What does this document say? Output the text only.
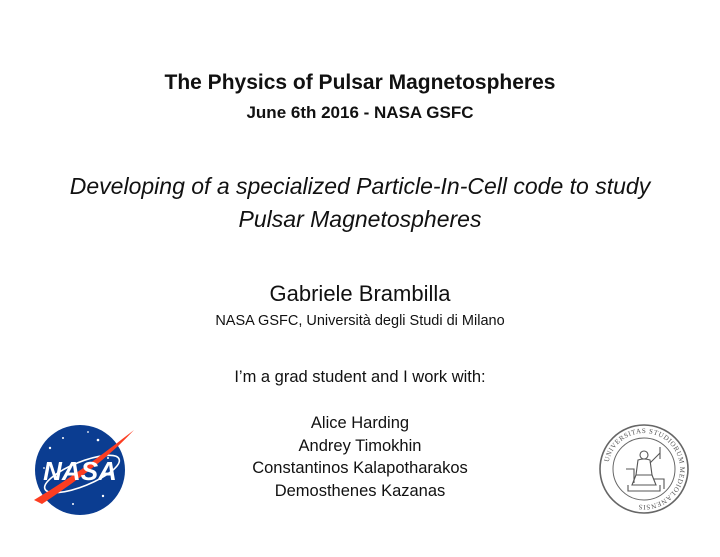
The Physics of Pulsar Magnetospheres
June 6th 2016 - NASA GSFC
Developing of a specialized Particle-In-Cell code to study
Pulsar Magnetospheres
Gabriele Brambilla
NASA GSFC, Università degli Studi di Milano
I’m a grad student and I work with:
Alice Harding
Andrey Timokhin
Constantinos Kalapotharakos
Demosthenes Kazanas
NASA	UNIVERSITAS STUDIORUM MEDIOLANENSIS
